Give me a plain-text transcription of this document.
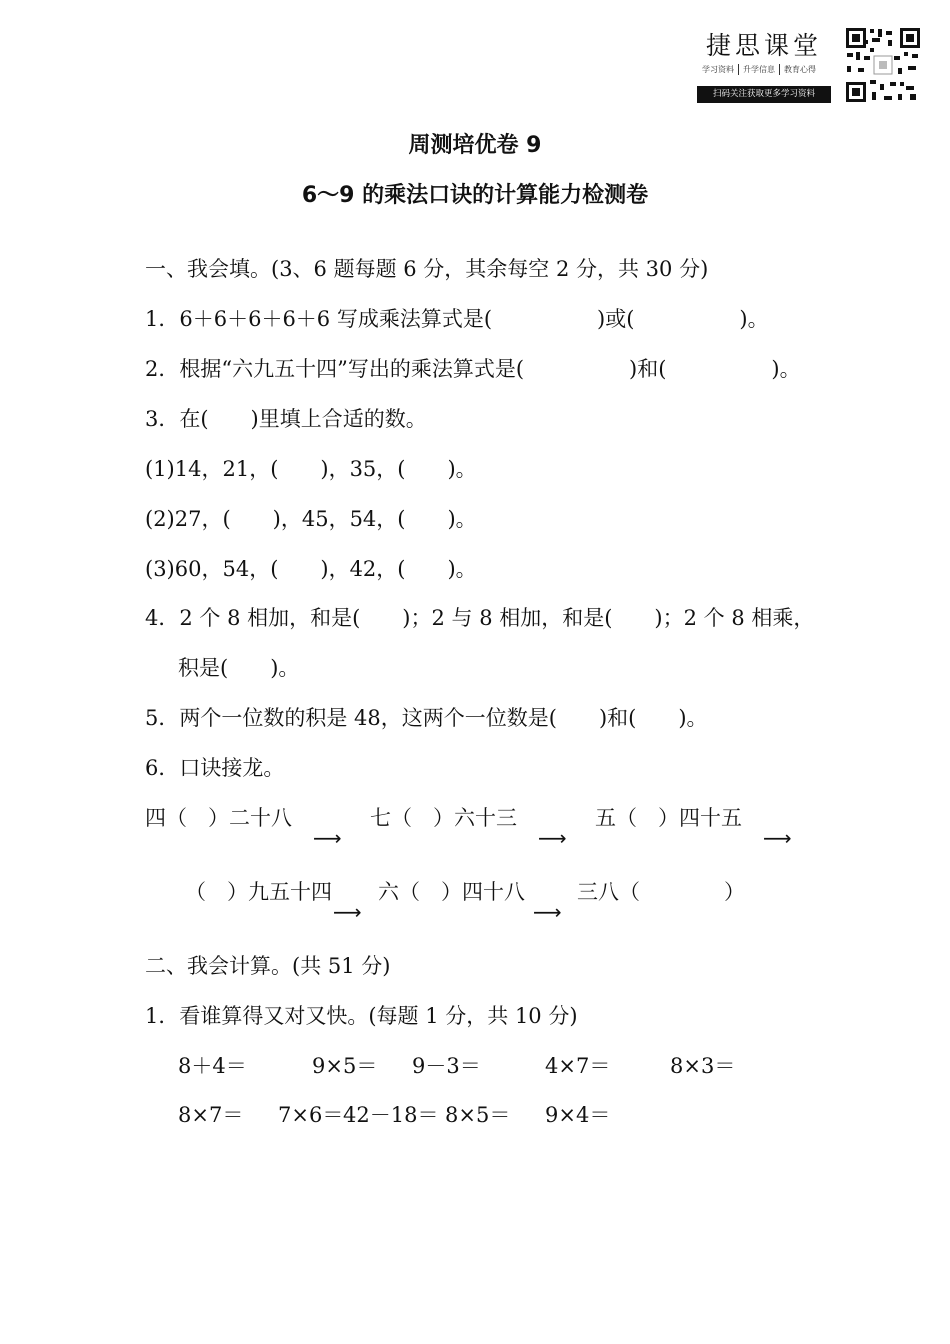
捷思课堂
学习资料 升学信息 教育心得
扫码关注获取更多学习资料
周测培优卷 9
6～9 的乘法口诀的计算能力检测卷
一、我会填。(3、6 题每题 6 分，其余每空 2 分，共 30 分)
1．6＋6＋6＋6＋6 写成乘法算式是(　　　　　)或(　　　　　)。
2．根据“六九五十四”写出的乘法算式是(　　　　　)和(　　　　　)。
3．在(　　)里填上合适的数。
(1)14，21，(　　)，35，(　　)。
(2)27，(　　)，45，54，(　　)。
(3)60，54，(　　)，42，(　　)。
4．2 个 8 相加，和是(　　)；2 与 8 相加，和是(　　)；2 个 8 相乘，
积是(　　)。
5．两个一位数的积是 48，这两个一位数是(　　)和(　　)。
6．口诀接龙。
四（　）二十八
⟶
七（　）六十三
⟶
五（　）四十五
⟶
（　）九五十四
⟶
六（　）四十八
⟶
三八（　　　　）
二、我会计算。(共 51 分)
1．看谁算得又对又快。(每题 1 分，共 10 分)
8＋4＝	9×5＝ 9－3＝	4×7＝	8×3＝
8×7＝ 7×6＝ 42－18＝ 8×5＝ 9×4＝
